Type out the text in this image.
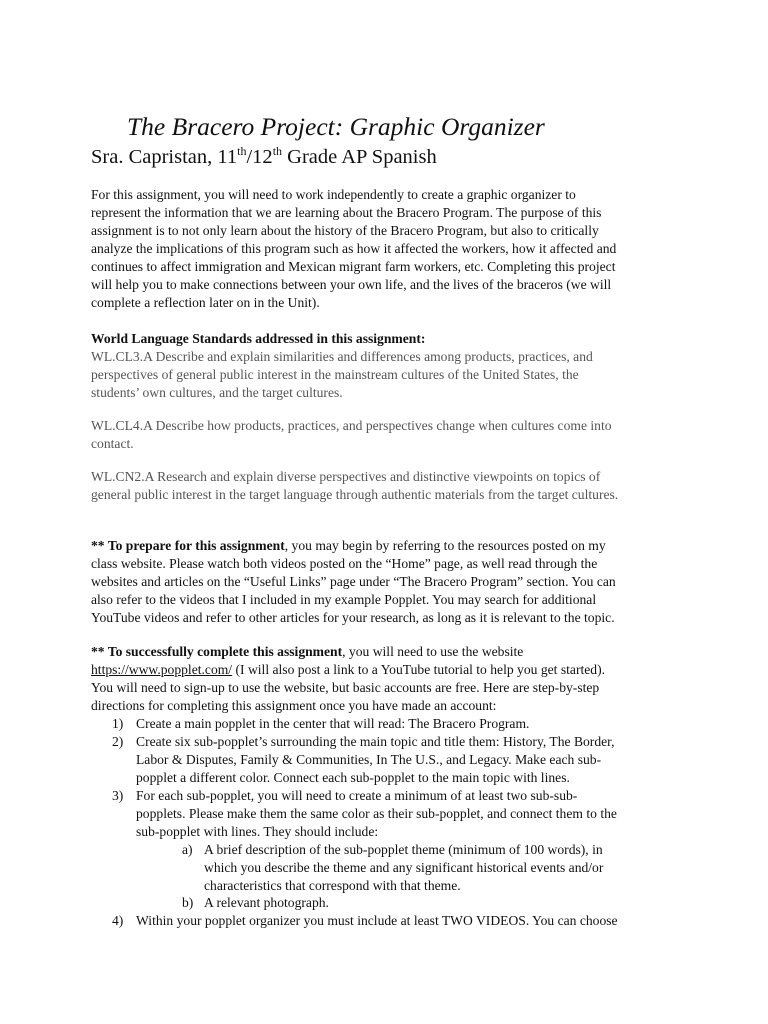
The Bracero Project: Graphic Organizer
Sra. Capristan, 11th/12th Grade AP Spanish
For this assignment, you will need to work independently to create a graphic organizer to
represent the information that we are learning about the Bracero Program. The purpose of this
assignment is to not only learn about the history of the Bracero Program, but also to critically
analyze the implications of this program such as how it affected the workers, how it affected and
continues to affect immigration and Mexican migrant farm workers, etc. Completing this project
will help you to make connections between your own life, and the lives of the braceros (we will
complete a reflection later on in the Unit).
World Language Standards addressed in this assignment:
WL.CL3.A Describe and explain similarities and differences among products, practices, and
perspectives of general public interest in the mainstream cultures of the United States, the
students’ own cultures, and the target cultures.
WL.CL4.A Describe how products, practices, and perspectives change when cultures come into
contact.
WL.CN2.A Research and explain diverse perspectives and distinctive viewpoints on topics of
general public interest in the target language through authentic materials from the target cultures.
** To prepare for this assignment, you may begin by referring to the resources posted on my
class website. Please watch both videos posted on the “Home” page, as well read through the
websites and articles on the “Useful Links” page under “The Bracero Program” section. You can
also refer to the videos that I included in my example Popplet. You may search for additional
YouTube videos and refer to other articles for your research, as long as it is relevant to the topic.
** To successfully complete this assignment, you will need to use the website
https://www.popplet.com/ (I will also post a link to a YouTube tutorial to help you get started).
You will need to sign-up to use the website, but basic accounts are free. Here are step-by-step
directions for completing this assignment once you have made an account:
1) Create a main popplet in the center that will read: The Bracero Program.
2) Create six sub-popplet’s surrounding the main topic and title them: History, The Border,
Labor & Disputes, Family & Communities, In The U.S., and Legacy. Make each sub-
popplet a different color. Connect each sub-popplet to the main topic with lines.
3) For each sub-popplet, you will need to create a minimum of at least two sub-sub-
popplets. Please make them the same color as their sub-popplet, and connect them to the
sub-popplet with lines. They should include:
a) A brief description of the sub-popplet theme (minimum of 100 words), in
which you describe the theme and any significant historical events and/or
characteristics that correspond with that theme.
b) A relevant photograph.
4) Within your popplet organizer you must include at least TWO VIDEOS. You can choose
